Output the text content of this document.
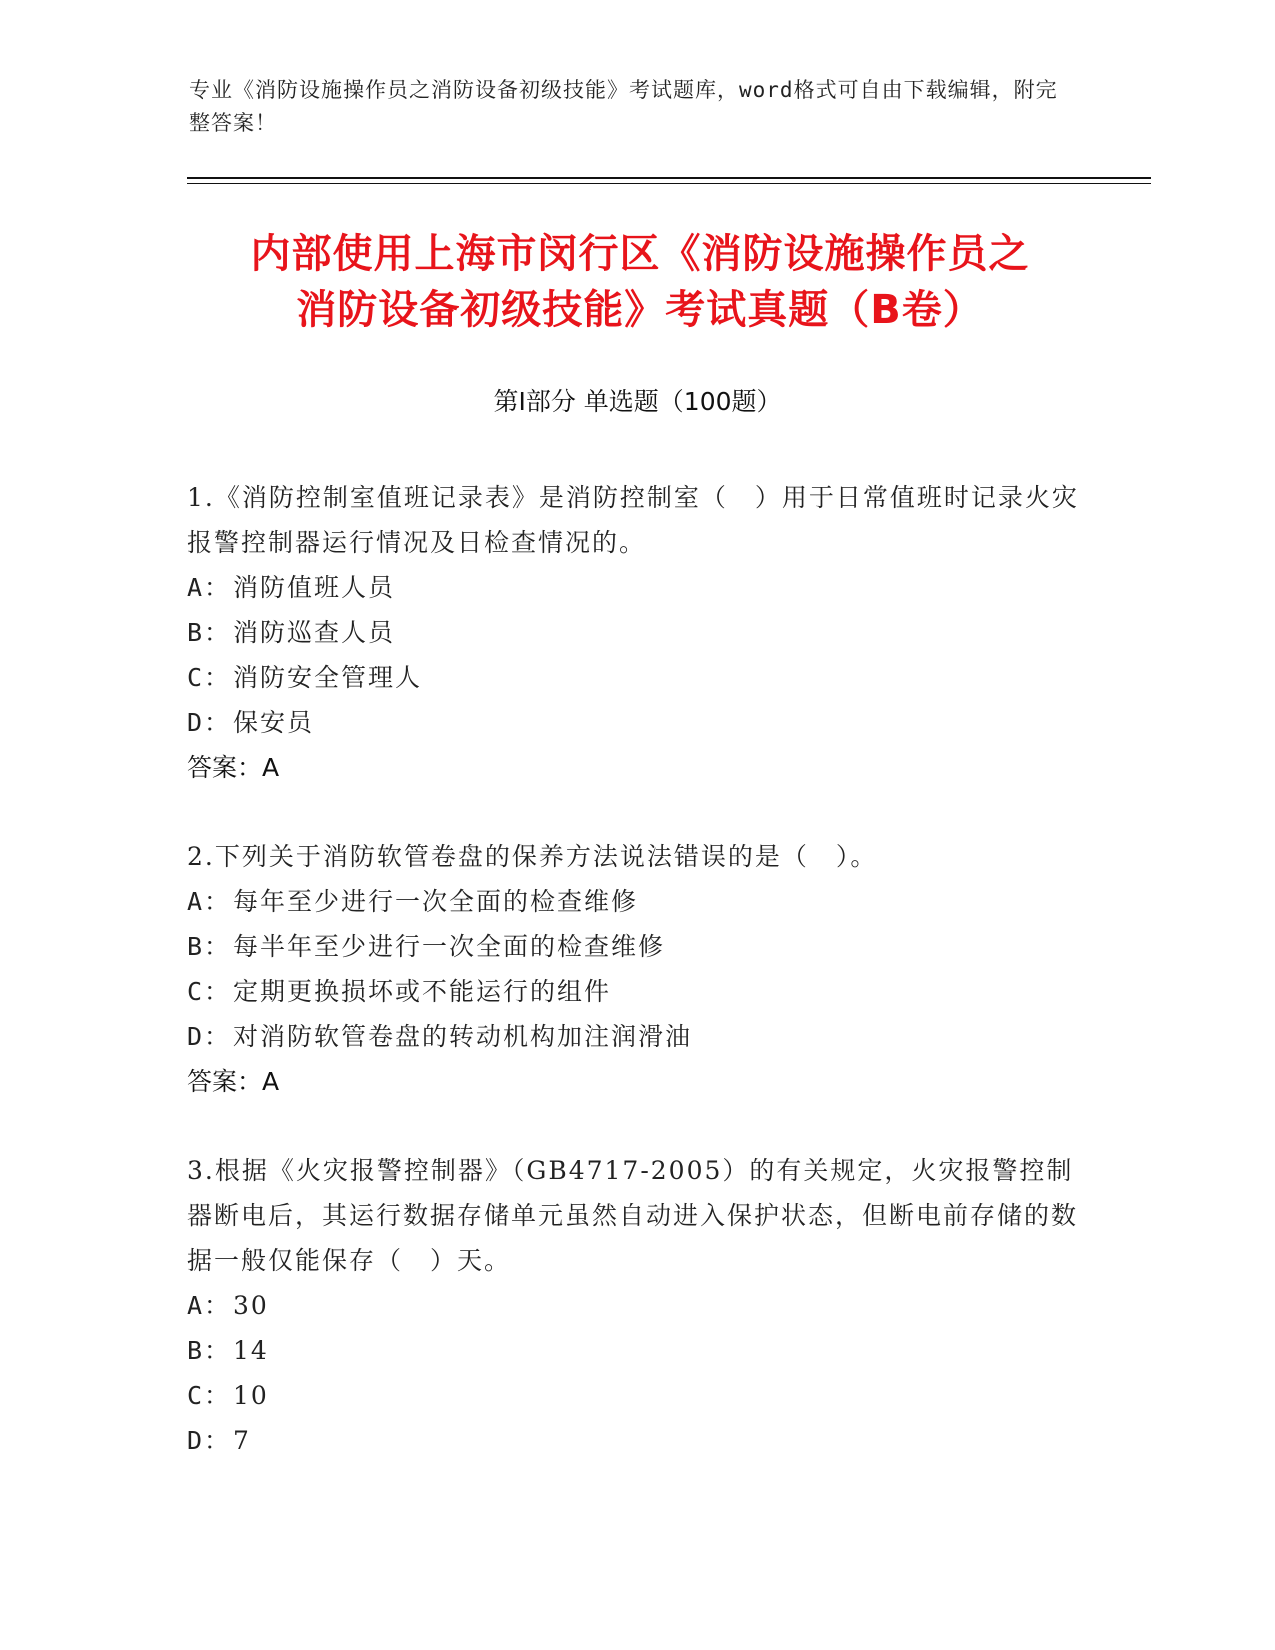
专业《消防设施操作员之消防设备初级技能》考试题库，word格式可自由下载编辑，附完整答案！
内部使用上海市闵行区《消防设施操作员之
消防设备初级技能》考试真题（B卷）
第Ⅰ部分 单选题（100题）
1.《消防控制室值班记录表》是消防控制室（　）用于日常值班时记录火灾报警控制器运行情况及日检查情况的。
A： 消防值班人员
B： 消防巡查人员
C： 消防安全管理人
D： 保安员
答案：A
2.下列关于消防软管卷盘的保养方法说法错误的是（　）。
A： 每年至少进行一次全面的检查维修
B： 每半年至少进行一次全面的检查维修
C： 定期更换损坏或不能运行的组件
D： 对消防软管卷盘的转动机构加注润滑油
答案：A
3.根据《火灾报警控制器》（GB4717-2005）的有关规定，火灾报警控制器断电后，其运行数据存储单元虽然自动进入保护状态，但断电前存储的数据一般仅能保存（　）天。
A： 30
B： 14
C： 10
D： 7
